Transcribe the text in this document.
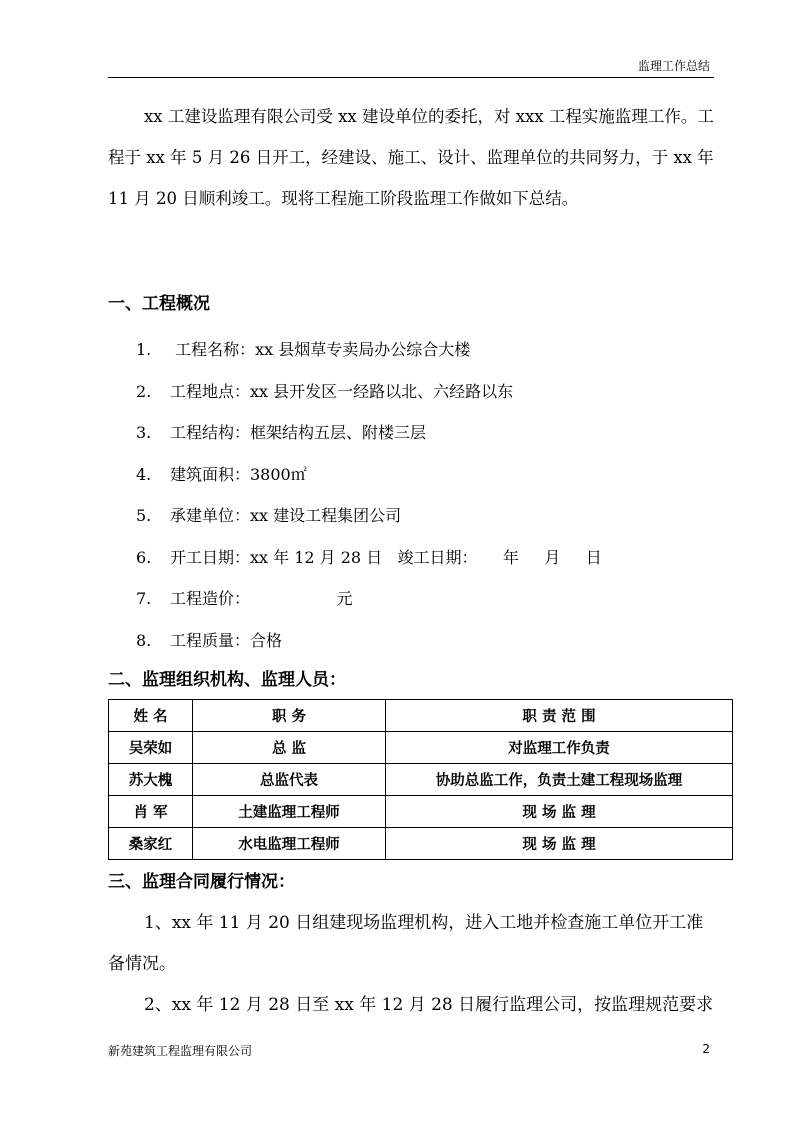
监理工作总结

xx 工建设监理有限公司受 xx 建设单位的委托，对 xxx 工程实施监理工作。工程于 xx 年 5 月 26 日开工，经建设、施工、设计、监理单位的共同努力，于 xx 年 11 月 20 日顺利竣工。现将工程施工阶段监理工作做如下总结。

一、工程概况
1. 工程名称：xx 县烟草专卖局办公综合大楼
2. 工程地点：xx 县开发区一经路以北、六经路以东
3. 工程结构：框架结构五层、附楼三层
4. 建筑面积：3800㎡
5. 承建单位：xx 建设工程集团公司
6. 开工日期：xx 年 12 月 28 日   竣工日期：     年     月     日
7. 工程造价：                 元
8. 工程质量：合格
二、监理组织机构、监理人员：
姓 名	职 务	职 责 范 围
吴荣如	总 监	对监理工作负责
苏大槐	总监代表	协助总监工作，负责土建工程现场监理
肖 军	土建监理工程师	现 场 监 理
桑家红	水电监理工程师	现 场 监 理
三、监理合同履行情况：

1、xx 年 11 月 20 日组建现场监理机构，进入工地并检查施工单位开工准备情况。

2、xx 年 12 月 28 日至 xx 年 12 月 28 日履行监理公司，按监理规范要求

新苑建筑工程监理有限公司	2
